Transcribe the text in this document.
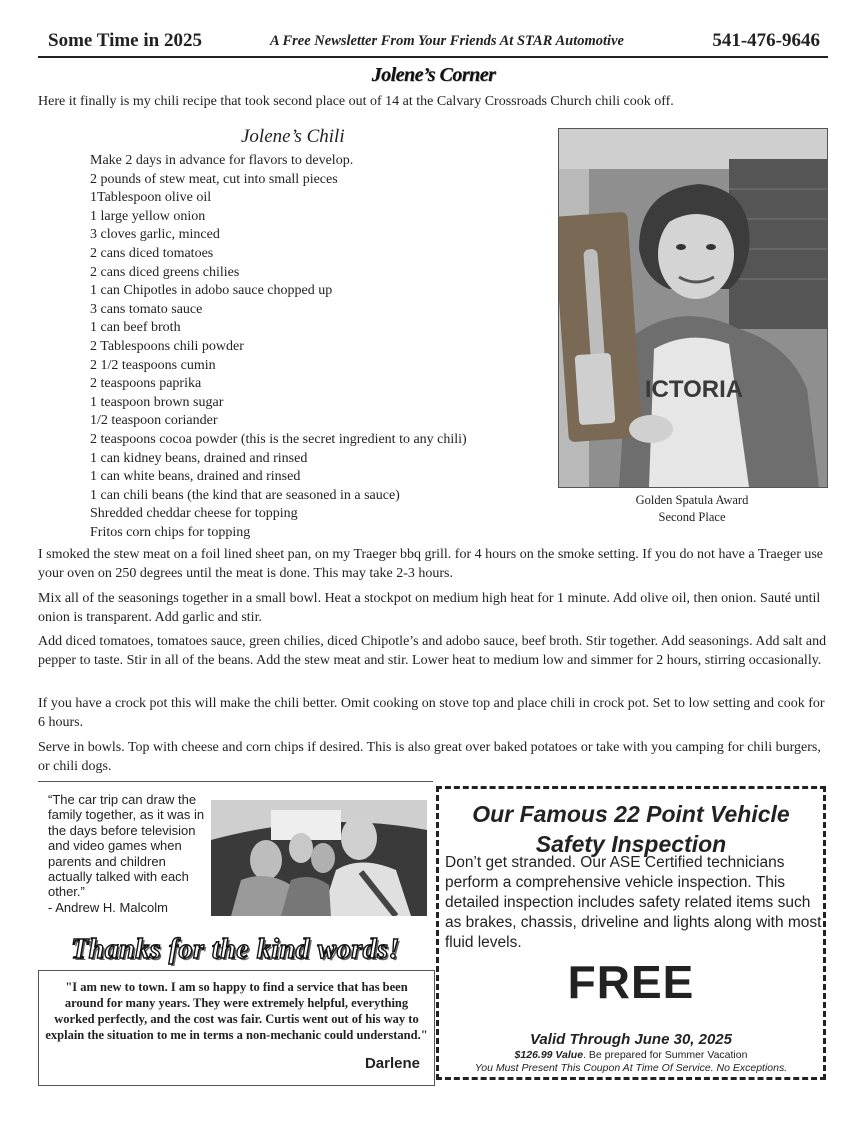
Some Time in 2025	A Free Newsletter From Your Friends At STAR Automotive	541-476-9646
Jolene’s Corner
Here it finally is my chili recipe that took second place out of 14 at the Calvary Crossroads Church chili cook off.
Jolene’s Chili
Make 2 days in advance for flavors to develop.
2 pounds of stew meat, cut into small pieces
1Tablespoon olive oil
1 large yellow onion
3 cloves garlic, minced
2 cans diced tomatoes
2 cans diced greens chilies
1 can Chipotles in adobo sauce chopped up
3 cans tomato sauce
1 can beef broth
2 Tablespoons chili powder
2 1/2 teaspoons cumin
2 teaspoons paprika
1 teaspoon brown sugar
1/2 teaspoon coriander
2 teaspoons cocoa powder (this is the secret ingredient to any chili)
1 can kidney beans, drained and rinsed
1 can white beans, drained and rinsed
1 can chili beans (the kind that are seasoned in a sauce)
Shredded cheddar cheese for topping
Fritos corn chips for topping
ICTORIA
Golden Spatula Award
Second Place

I smoked the stew meat on a foil lined sheet pan, on my Traeger bbq grill. for 4 hours on the smoke setting. If you do not have a Traeger use your oven on 250 degrees until the meat is done. This may take 2-3 hours.

Mix all of the seasonings together in a small bowl. Heat a stockpot on medium high heat for 1 minute. Add olive oil, then onion. Sauté until onion is transparent. Add garlic and stir.

Add diced tomatoes, tomatoes sauce, green chilies, diced Chipotle’s and adobo sauce, beef broth. Stir together. Add seasonings. Add salt and pepper to taste. Stir in all of the beans. Add the stew meat and stir. Lower heat to medium low and simmer for 2 hours, stirring occasionally.

If you have a crock pot this will make the chili better. Omit cooking on stove top and place chili in crock pot. Set to low setting and cook for 6 hours.

Serve in bowls. Top with cheese and corn chips if desired. This is also great over baked potatoes or take with you camping for chili burgers, or chili dogs.

“The car trip can draw the family together, as it was in the days before television and video games when parents and children actually talked with each other.”
- Andrew H. Malcolm
Thanks for the kind words!
"I am new to town. I am so happy to find a service that has been around for many years. They were extremely helpful, everything worked perfectly, and the cost was fair. Curtis went out of his way to explain the situation to me in terms a non-mechanic could understand."
Darlene
Our Famous 22 Point Vehicle
Safety Inspection
Don’t get stranded. Our ASE Certified technicians perform a comprehensive vehicle inspection. This detailed inspection includes safety related items such as brakes, chassis, driveline and lights along with most fluid levels.
FREE
Valid Through June 30, 2025
$126.99 Value. Be prepared for Summer Vacation
You Must Present This Coupon At Time Of Service. No Exceptions.
